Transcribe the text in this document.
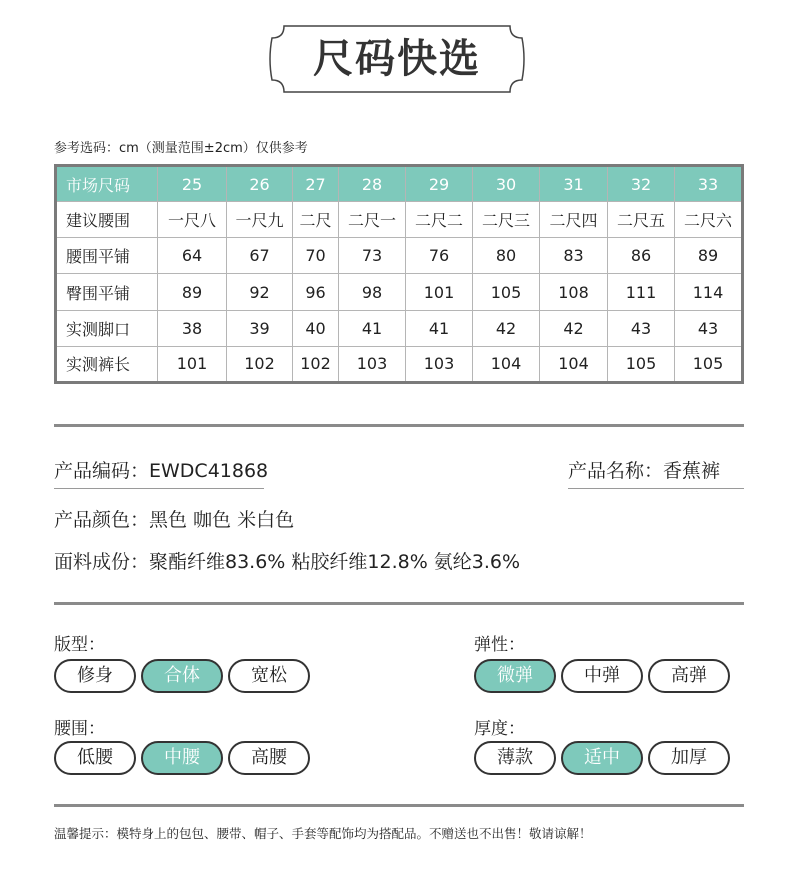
尺码快选
参考选码：cm（测量范围±2cm）仅供参考
市场尺码	25	26	27	28	29	30	31	32	33
建议腰围	一尺八	一尺九	二尺	二尺一	二尺二	二尺三	二尺四	二尺五	二尺六
腰围平铺	64	67	70	73	76	80	83	86	89
臀围平铺	89	92	96	98	101	105	108	111	114
实测脚口	38	39	40	41	41	42	42	43	43
实测裤长	101	102	102	103	103	104	104	105	105
产品编码：EWDC41868	产品名称：香蕉裤
产品颜色：黑色 咖色 米白色
面料成份：聚酯纤维83.6% 粘胶纤维12.8% 氨纶3.6%
版型：
修身	合体	宽松
弹性：
微弹	中弹	高弹
腰围：
低腰	中腰	高腰
厚度：
薄款	适中	加厚
温馨提示：模特身上的包包、腰带、帽子、手套等配饰均为搭配品。不赠送也不出售！敬请谅解！
